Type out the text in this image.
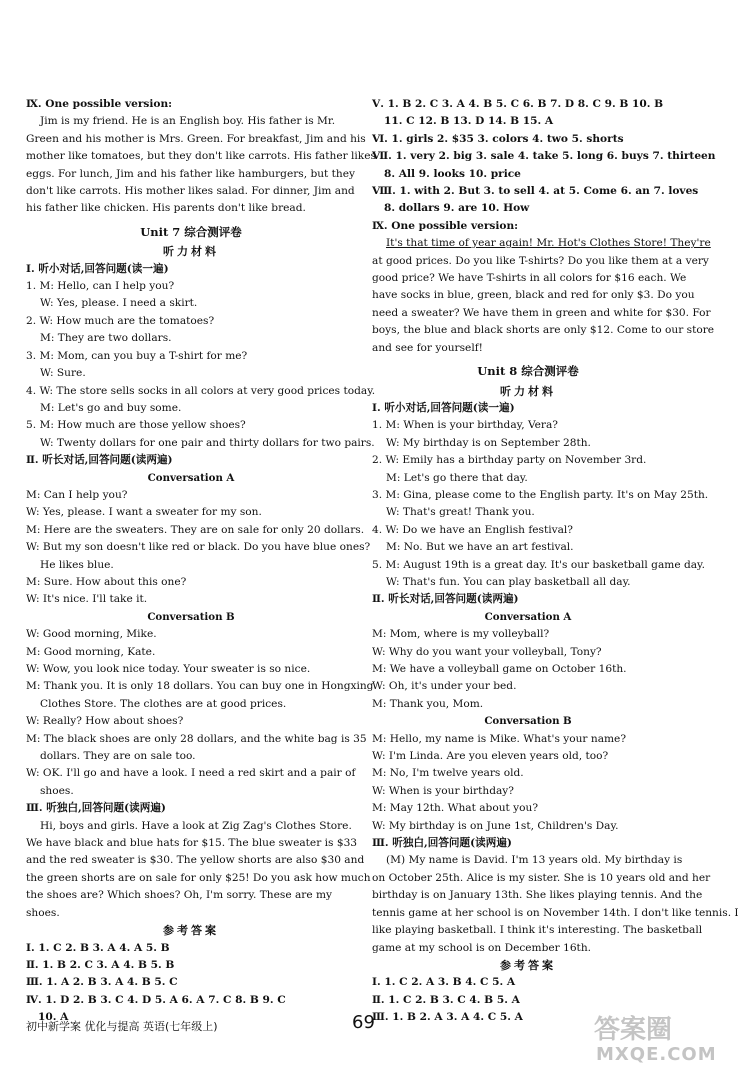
Ⅸ. One possible version:
Jim is my friend. He is an English boy. His father is Mr.
Green and his mother is Mrs. Green. For breakfast, Jim and his
mother like tomatoes, but they don't like carrots. His father likes
eggs. For lunch, Jim and his father like hamburgers, but they
don't like carrots. His mother likes salad. For dinner, Jim and
his father like chicken. His parents don't like bread.
Unit 7 综合测评卷
听力材料
Ⅰ. 听小对话,回答问题(读一遍)
1. M: Hello, can I help you?
W: Yes, please. I need a skirt.
2. W: How much are the tomatoes?
M: They are two dollars.
3. M: Mom, can you buy a T-shirt for me?
W: Sure.
4. W: The store sells socks in all colors at very good prices today.
M: Let's go and buy some.
5. M: How much are those yellow shoes?
W: Twenty dollars for one pair and thirty dollars for two pairs.
Ⅱ. 听长对话,回答问题(读两遍)
Conversation A
M: Can I help you?
W: Yes, please. I want a sweater for my son.
M: Here are the sweaters. They are on sale for only 20 dollars.
W: But my son doesn't like red or black. Do you have blue ones?
He likes blue.
M: Sure. How about this one?
W: It's nice. I'll take it.
Conversation B
W: Good morning, Mike.
M: Good morning, Kate.
W: Wow, you look nice today. Your sweater is so nice.
M: Thank you. It is only 18 dollars. You can buy one in Hongxing
Clothes Store. The clothes are at good prices.
W: Really? How about shoes?
M: The black shoes are only 28 dollars, and the white bag is 35
dollars. They are on sale too.
W: OK. I'll go and have a look. I need a red skirt and a pair of
shoes.
Ⅲ. 听独白,回答问题(读两遍)
Hi, boys and girls. Have a look at Zig Zag's Clothes Store.
We have black and blue hats for $15. The blue sweater is $33
and the red sweater is $30. The yellow shorts are also $30 and
the green shorts are on sale for only $25! Do you ask how much
the shoes are? Which shoes? Oh, I'm sorry. These are my
shoes.
参考答案
Ⅰ. 1. C 2. B 3. A 4. A 5. B
Ⅱ. 1. B 2. C 3. A 4. B 5. B
Ⅲ. 1. A 2. B 3. A 4. B 5. C
Ⅳ. 1. D 2. B 3. C 4. D 5. A 6. A 7. C 8. B 9. C
10. A
Ⅴ. 1. B 2. C 3. A 4. B 5. C 6. B 7. D 8. C 9. B 10. B
11. C 12. B 13. D 14. B 15. A
Ⅵ. 1. girls 2. $35 3. colors 4. two 5. shorts
Ⅶ. 1. very 2. big 3. sale 4. take 5. long 6. buys 7. thirteen
8. All 9. looks 10. price
Ⅷ. 1. with 2. But 3. to sell 4. at 5. Come 6. an 7. loves
8. dollars 9. are 10. How
Ⅸ. One possible version:
It's that time of year again! Mr. Hot's Clothes Store! They're
at good prices. Do you like T-shirts? Do you like them at a very
good price? We have T-shirts in all colors for $16 each. We
have socks in blue, green, black and red for only $3. Do you
need a sweater? We have them in green and white for $30. For
boys, the blue and black shorts are only $12. Come to our store
and see for yourself!
Unit 8 综合测评卷
听力材料
Ⅰ. 听小对话,回答问题(读一遍)
1. M: When is your birthday, Vera?
W: My birthday is on September 28th.
2. W: Emily has a birthday party on November 3rd.
M: Let's go there that day.
3. M: Gina, please come to the English party. It's on May 25th.
W: That's great! Thank you.
4. W: Do we have an English festival?
M: No. But we have an art festival.
5. M: August 19th is a great day. It's our basketball game day.
W: That's fun. You can play basketball all day.
Ⅱ. 听长对话,回答问题(读两遍)
Conversation A
M: Mom, where is my volleyball?
W: Why do you want your volleyball, Tony?
M: We have a volleyball game on October 16th.
W: Oh, it's under your bed.
M: Thank you, Mom.
Conversation B
M: Hello, my name is Mike. What's your name?
W: I'm Linda. Are you eleven years old, too?
M: No, I'm twelve years old.
W: When is your birthday?
M: May 12th. What about you?
W: My birthday is on June 1st, Children's Day.
Ⅲ. 听独白,回答问题(读两遍)
(M) My name is David. I'm 13 years old. My birthday is
on October 25th. Alice is my sister. She is 10 years old and her
birthday is on January 13th. She likes playing tennis. And the
tennis game at her school is on November 14th. I don't like tennis. I
like playing basketball. I think it's interesting. The basketball
game at my school is on December 16th.
参考答案
Ⅰ. 1. C 2. A 3. B 4. C 5. A
Ⅱ. 1. C 2. B 3. C 4. B 5. A
Ⅲ. 1. B 2. A 3. A 4. C 5. A
初中新学案 优化与提高 英语(七年级上)	69	答案圈
MXQE.COM
